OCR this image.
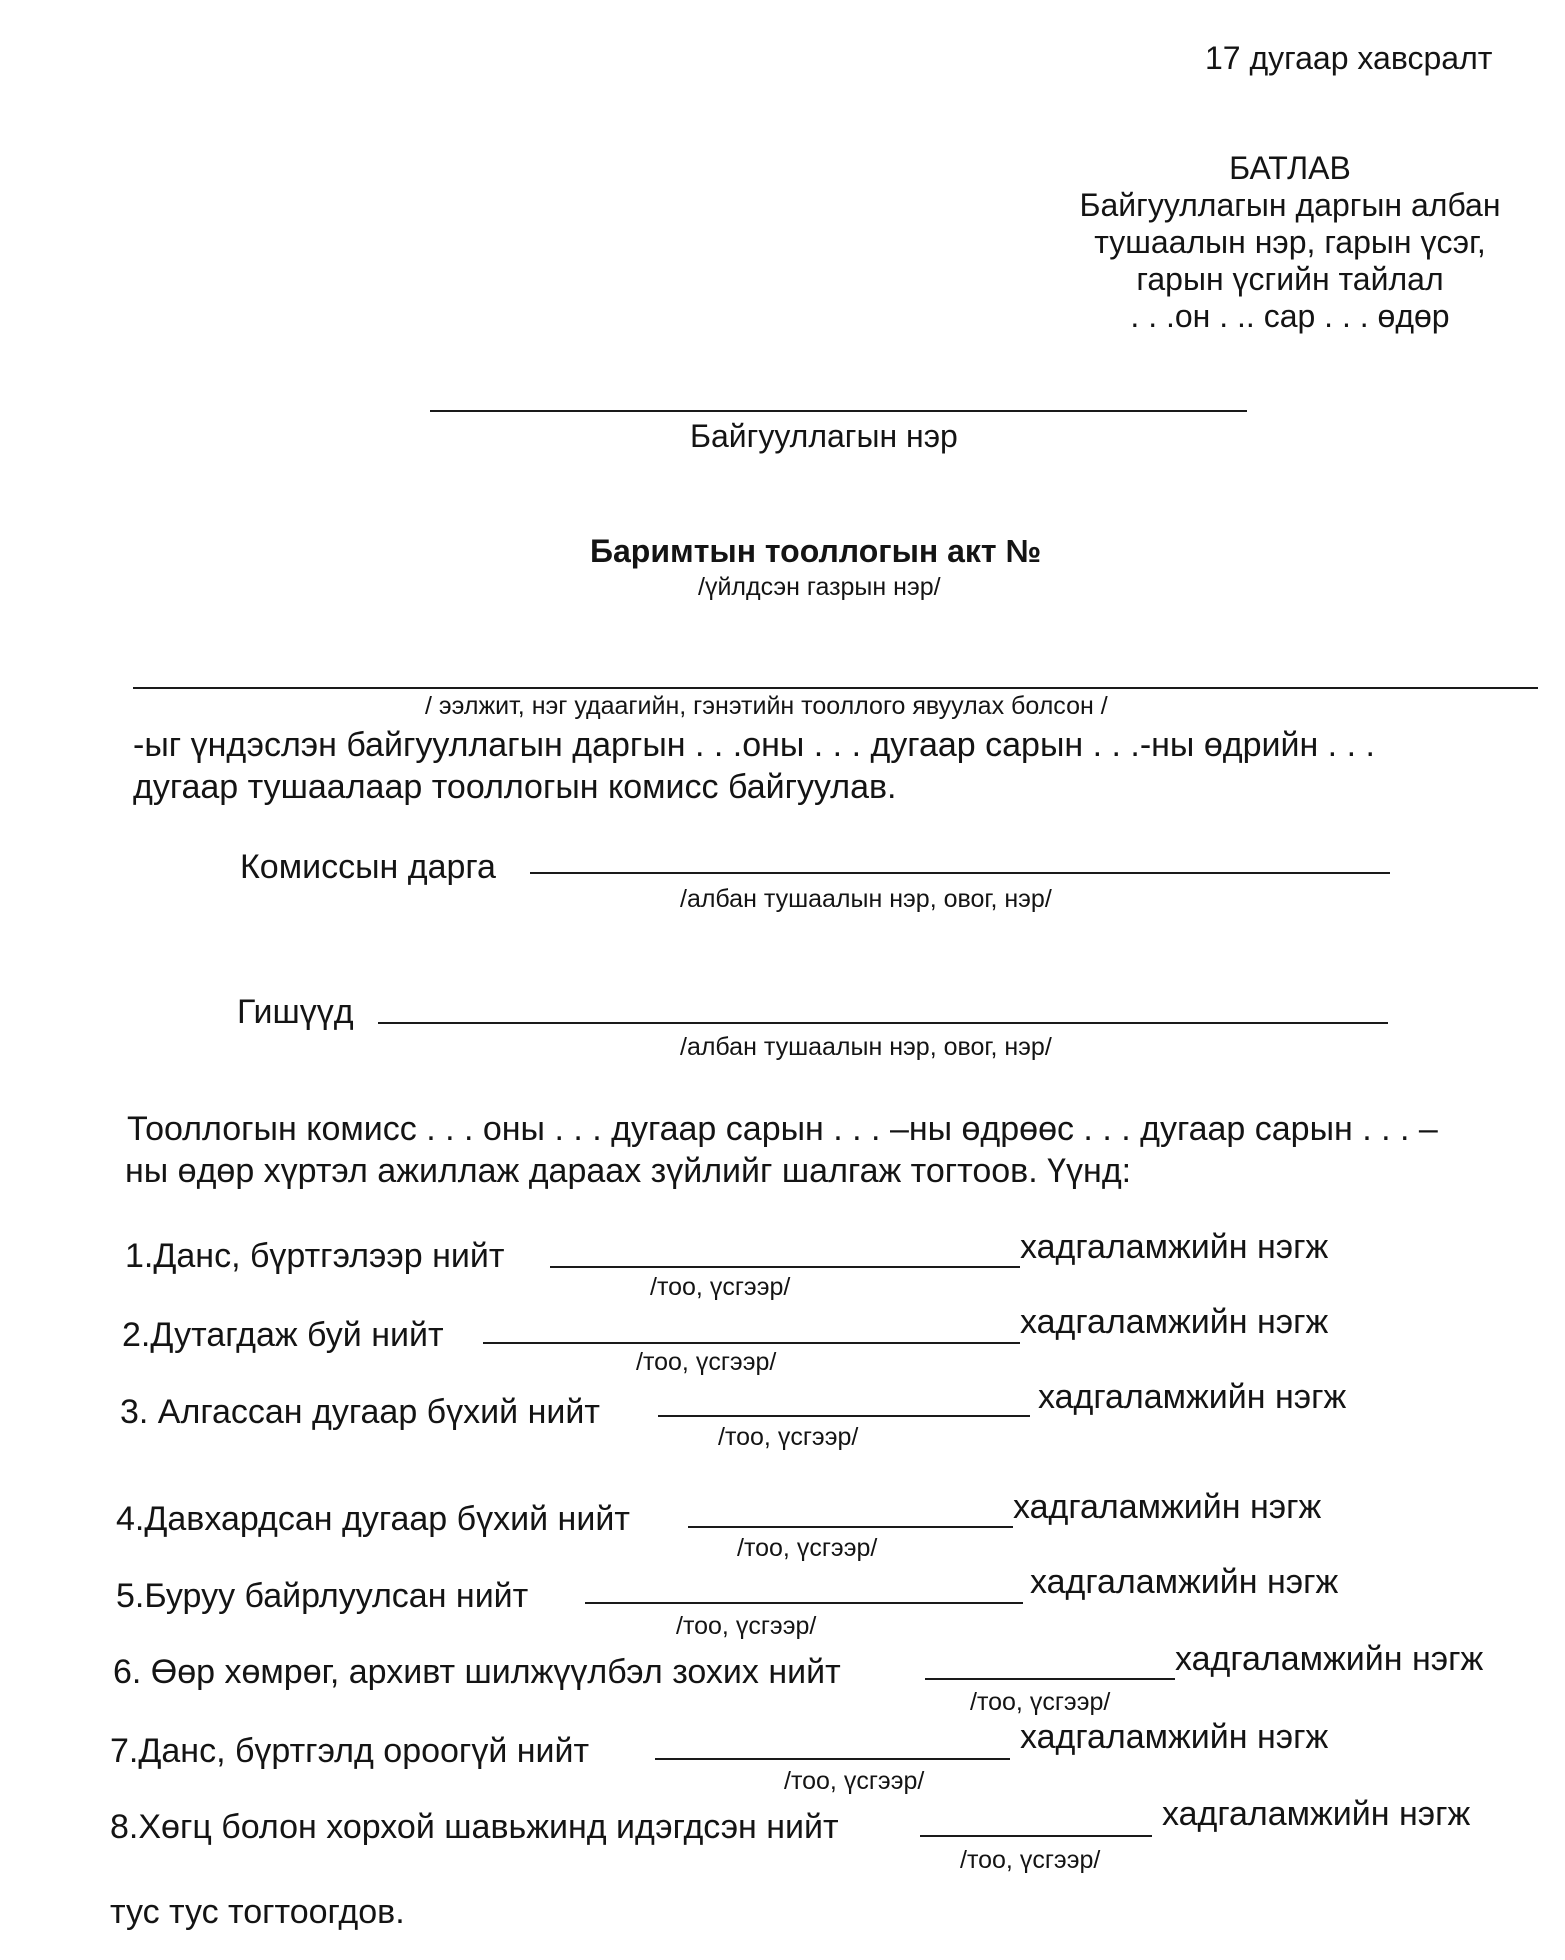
17 дугаар хавсралт
БАТЛАВ
Байгууллагын даргын албан
тушаалын нэр, гарын үсэг,
гарын үсгийн тайлал
. . .он . .. сар . . . өдөр
Байгууллагын нэр
Баримтын тооллогын акт №
/үйлдсэн газрын нэр/
/ ээлжит, нэг удаагийн, гэнэтийн тооллого явуулах болсон /
-ыг үндэслэн байгууллагын даргын . . .оны . . . дугаар сарын . . .-ны өдрийн . . .
дугаар тушаалаар тооллогын комисс байгуулав.
Комиссын дарга
/албан тушаалын нэр, овог, нэр/
Гишүүд
/албан тушаалын нэр, овог, нэр/
Тооллогын комисс . . . оны . . . дугаар сарын . . . –ны өдрөөс . . . дугаар сарын . . . –
ны өдөр хүртэл ажиллаж дараах зүйлийг шалгаж тогтоов. Үүнд:
1.Данс, бүртгэлээр нийт	хадгаламжийн нэгж
/тоо, үсгээр/
2.Дутагдаж буй нийт	хадгаламжийн нэгж
/тоо, үсгээр/
3. Алгассан дугаар бүхий нийт	хадгаламжийн нэгж
/тоо, үсгээр/
4.Давхардсан дугаар бүхий нийт	хадгаламжийн нэгж
/тоо, үсгээр/
5.Буруу байрлуулсан нийт	хадгаламжийн нэгж
/тоо, үсгээр/
6. Өөр хөмрөг, архивт шилжүүлбэл зохих нийт	хадгаламжийн нэгж
/тоо, үсгээр/
7.Данс, бүртгэлд ороогүй нийт	хадгаламжийн нэгж
/тоо, үсгээр/
8.Хөгц болон хорхой шавьжинд идэгдсэн нийт	хадгаламжийн нэгж
/тоо, үсгээр/
тус тус тогтоогдов.
